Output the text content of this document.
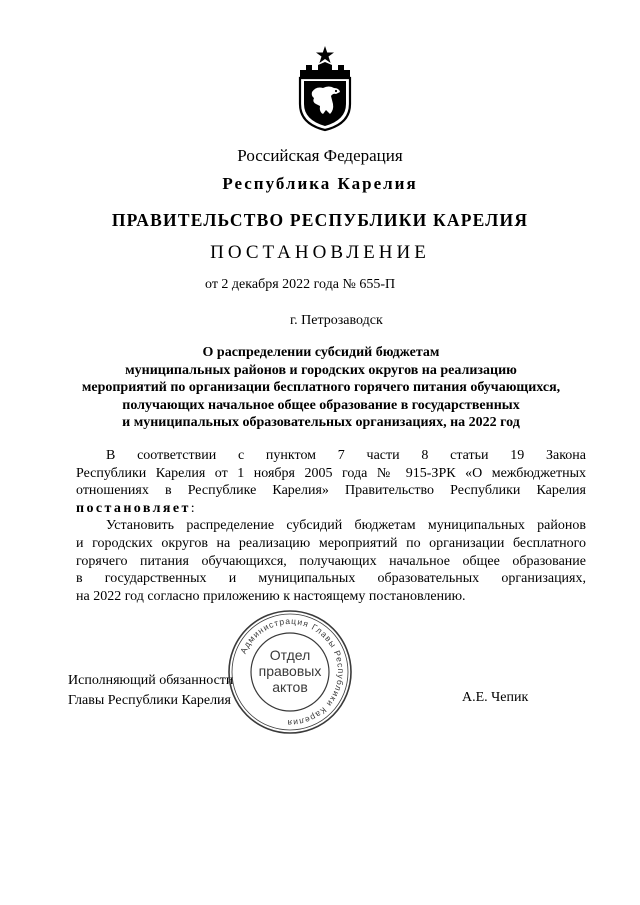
Российская Федерация
Республика Карелия
ПРАВИТЕЛЬСТВО РЕСПУБЛИКИ КАРЕЛИЯ
ПОСТАНОВЛЕНИЕ
от 2 декабря 2022 года № 655-П
г. Петрозаводск
О распределении субсидий бюджетам
муниципальных районов и городских округов на реализацию
мероприятий по организации бесплатного горячего питания обучающихся,
получающих начальное общее образование в государственных
и муниципальных образовательных организациях, на 2022 год
В соответствии с пунктом 7 части 8 статьи 19 Закона
Республики Карелия от 1 ноября 2005 года № 915-ЗРК «О межбюджетных
отношениях в Республике Карелия» Правительство Республики Карелия
постановляет:
Установить распределение субсидий бюджетам муниципальных районов
и городских округов на реализацию мероприятий по организации бесплатного
горячего питания обучающихся, получающих начальное общее образование
в государственных и муниципальных образовательных организациях,
на 2022 год согласно приложению к настоящему постановлению.
Исполняющий обязанности
Главы Республики Карелия	А.Е. Чепик
Администрация Главы Республики Карелия
Отдел
правовых
актов
